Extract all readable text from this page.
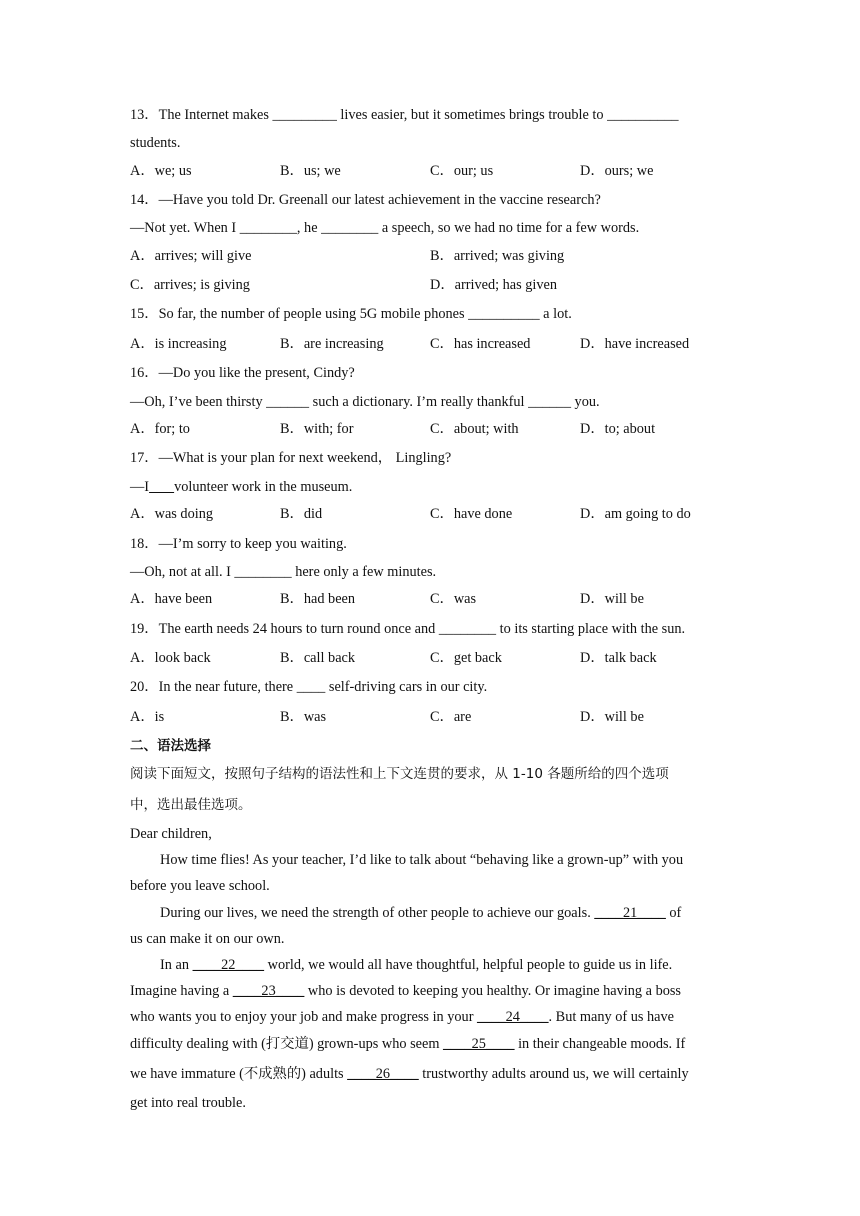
13．The Internet makes _________ lives easier, but it sometimes brings trouble to __________
students.
A．we; us	B．us; we	C．our; us	D．ours; we
14．—Have you told Dr. Greenall our latest achievement in the vaccine research?
—Not yet. When I ________, he ________ a speech, so we had no time for a few words.
A．arrives; will give	B．arrived; was giving
C．arrives; is giving	D．arrived; has given
15．So far, the number of people using 5G mobile phones __________ a lot.
A．is increasing	B．are increasing	C．has increased	D．have increased
16．—Do you like the present, Cindy?
—Oh, I’ve been thirsty ______ such a dictionary. I’m really thankful ______ you.
A．for; to	B．with; for	C．about; with	D．to; about
17．—What is your plan for next weekend， Lingling?
—I volunteer work in the museum.
A．was doing	B．did	C．have done	D．am going to do
18．—I’m sorry to keep you waiting.
—Oh, not at all. I ________ here only a few minutes.
A．have been	B．had been	C．was	D．will be
19．The earth needs 24 hours to turn round once and ________ to its starting place with the sun.
A．look back	B．call back	C．get back	D．talk back
20．In the near future, there ____ self-driving cars in our city.
A．is	B．was	C．are	D．will be
二、语法选择
阅读下面短文，按照句子结构的语法性和上下文连贯的要求，从 1-10 各题所给的四个选项
中，选出最佳选项。
Dear children,
How time flies! As your teacher, I’d like to talk about “behaving like a grown-up” with you
before you leave school.
During our lives, we need the strength of other people to achieve our goals. ____21____ of
us can make it on our own.
In an ____22____ world, we would all have thoughtful, helpful people to guide us in life.
Imagine having a ____23____ who is devoted to keeping you healthy. Or imagine having a boss
who wants you to enjoy your job and make progress in your ____24____. But many of us have
difficulty dealing with (打交道) grown-ups who seem ____25____ in their changeable moods. If
we have immature (不成熟的) adults ____26____ trustworthy adults around us, we will certainly
get into real trouble.
